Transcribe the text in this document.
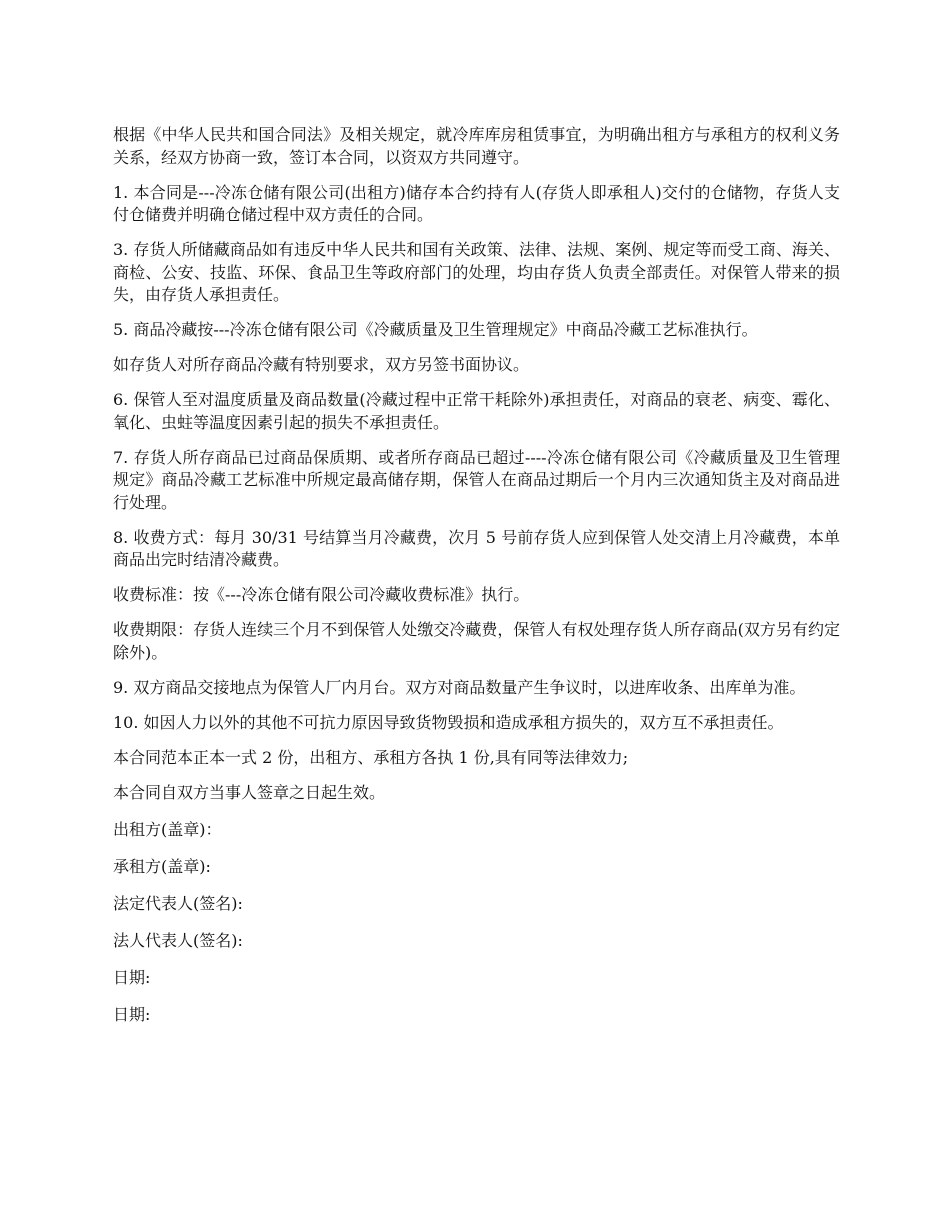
根据《中华人民共和国合同法》及相关规定，就冷库库房租赁事宜，为明确出租方与承租方的权利义务关系，经双方协商一致，签订本合同，以资双方共同遵守。

1. 本合同是---冷冻仓储有限公司(出租方)储存本合约持有人(存货人即承租人)交付的仓储物，存货人支付仓储费并明确仓储过程中双方责任的合同。

3. 存货人所储藏商品如有违反中华人民共和国有关政策、法律、法规、案例、规定等而受工商、海关、商检、公安、技监、环保、食品卫生等政府部门的处理，均由存货人负责全部责任。对保管人带来的损失，由存货人承担责任。

5. 商品冷藏按---冷冻仓储有限公司《冷藏质量及卫生管理规定》中商品冷藏工艺标准执行。

如存货人对所存商品冷藏有特别要求，双方另签书面协议。

6. 保管人至对温度质量及商品数量(冷藏过程中正常干耗除外)承担责任，对商品的衰老、病变、霉化、氧化、虫蛀等温度因素引起的损失不承担责任。

7. 存货人所存商品已过商品保质期、或者所存商品已超过----冷冻仓储有限公司《冷藏质量及卫生管理规定》商品冷藏工艺标准中所规定最高储存期，保管人在商品过期后一个月内三次通知货主及对商品进行处理。

8. 收费方式：每月 30/31 号结算当月冷藏费，次月 5 号前存货人应到保管人处交清上月冷藏费，本单商品出完时结清冷藏费。

收费标准：按《---冷冻仓储有限公司冷藏收费标准》执行。

收费期限：存货人连续三个月不到保管人处缴交冷藏费，保管人有权处理存货人所存商品(双方另有约定除外)。

9. 双方商品交接地点为保管人厂内月台。双方对商品数量产生争议时，以进库收条、出库单为准。

10. 如因人力以外的其他不可抗力原因导致货物毁损和造成承租方损失的，双方互不承担责任。

本合同范本正本一式 2 份，出租方、承租方各执 1 份,具有同等法律效力;

本合同自双方当事人签章之日起生效。

出租方(盖章)：

承租方(盖章):

法定代表人(签名):

法人代表人(签名):

日期:

日期:
